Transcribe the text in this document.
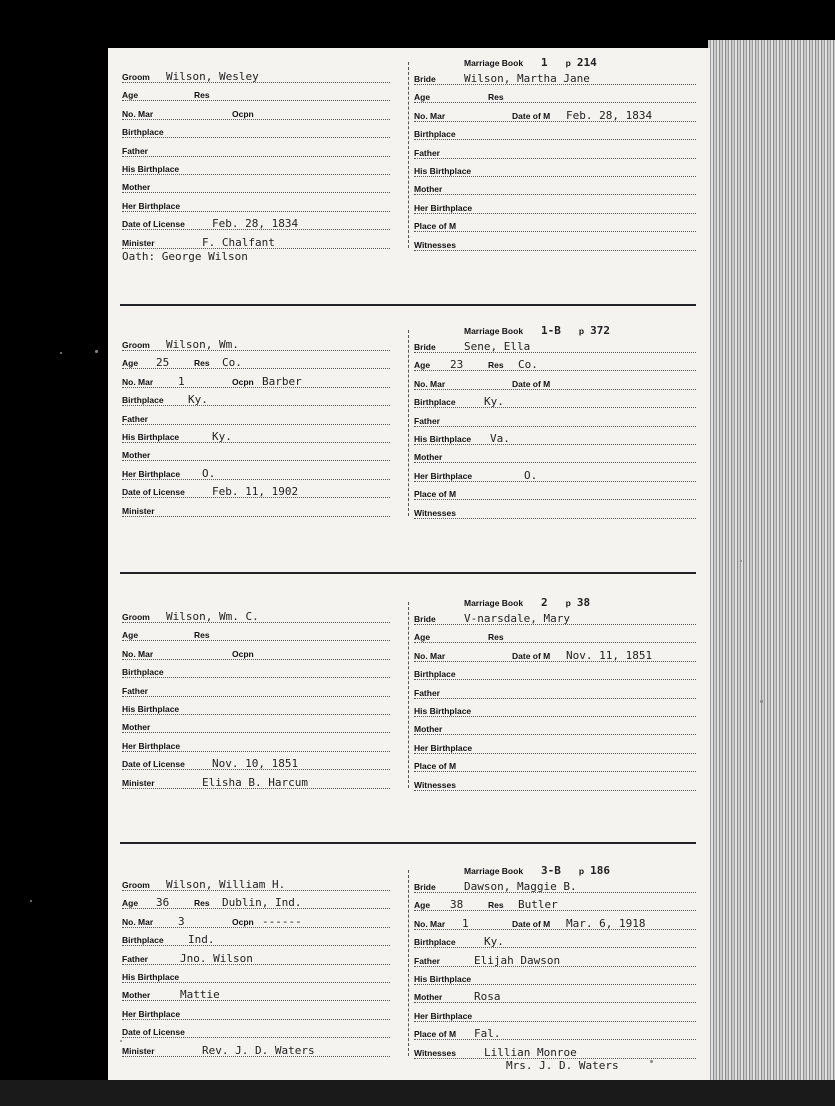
Marriage Book 1 p 214
Groom Wilson, Wesley
Age	Res
No. Mar	Ocpn
Birthplace
Father
His Birthplace
Mother
Her Birthplace
Date of License Feb. 28, 1834
Minister	F. Chalfant
Bride	Wilson, Martha Jane
Age	Res
No. Mar	Date of M Feb. 28, 1834
Birthplace
Father
His Birthplace
Mother
Her Birthplace
Place of M
Witnesses
Oath: George Wilson
Marriage Book 1-B p 372
Groom Wilson, Wm.
Age 25	Res Co.
No. Mar 1	Ocpn Barber
Birthplace Ky.
Father
His Birthplace	Ky.
Mother
Her Birthplace O.
Date of License Feb. 11, 1902
Minister
Bride	Sene, Ella
Age 23	Res Co.
No. Mar	Date of M
Birthplace	Ky.
Father
His Birthplace Va.
Mother
Her Birthplace	O.
Place of M
Witnesses
Marriage Book 2 p 38
Groom Wilson, Wm. C.
Age	Res
No. Mar	Ocpn
Birthplace
Father
His Birthplace
Mother
Her Birthplace
Date of License Nov. 10, 1851
Minister	Elisha B. Harcum
Bride	V-narsdale, Mary
Age	Res
No. Mar	Date of M Nov. 11, 1851
Birthplace
Father
His Birthplace
Mother
Her Birthplace
Place of M
Witnesses
Marriage Book 3-B p 186
Groom Wilson, William H.
Age 36	Res Dublin, Ind.
No. Mar 3	Ocpn ------
Birthplace Ind.
Father	Jno. Wilson
His Birthplace
Mother	Mattie
Her Birthplace
Date of License
Minister	Rev. J. D. Waters
Bride	Dawson, Maggie B.
Age 38	Res Butler
No. Mar 1	Date of M Mar. 6, 1918
Birthplace	Ky.
Father	Elijah Dawson
His Birthplace
Mother	Rosa
Her Birthplace
Place of M Fal.
Witnesses	Lillian Monroe
Mrs. J. D. Waters
